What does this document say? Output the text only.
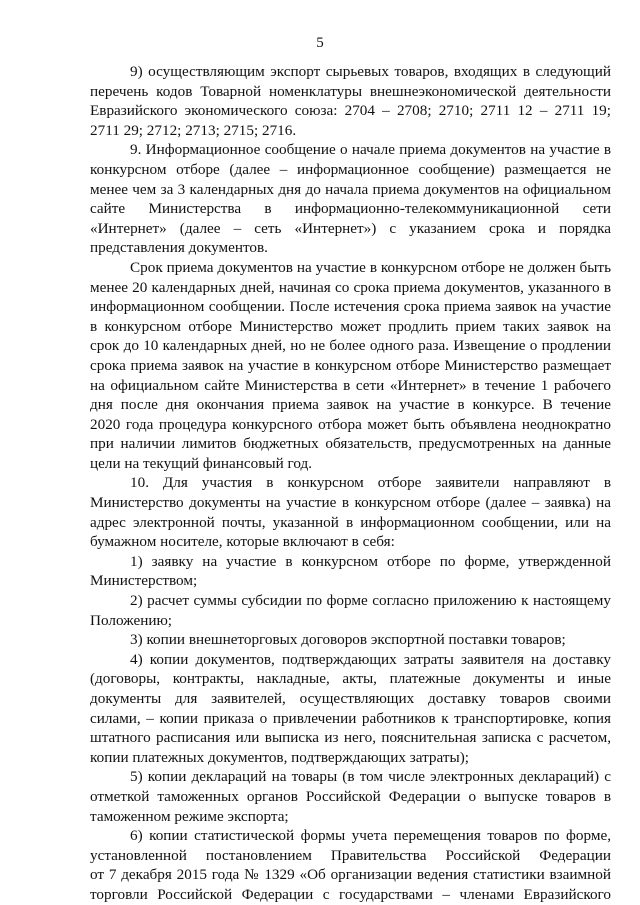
5
9) осуществляющим экспорт сырьевых товаров, входящих в следующий
перечень кодов Товарной номенклатуры внешнеэкономической деятельности
Евразийского экономического союза: 2704 – 2708; 2710; 2711 12 – 2711 19;
2711 29; 2712; 2713; 2715; 2716.
9. Информационное сообщение о начале приема документов на участие в
конкурсном отборе (далее – информационное сообщение) размещается не
менее чем за 3 календарных дня до начала приема документов на официальном
сайте Министерства в информационно-телекоммуникационной сети
«Интернет» (далее – сеть «Интернет») с указанием срока и порядка
представления документов.
Срок приема документов на участие в конкурсном отборе не должен быть
менее 20 календарных дней, начиная со срока приема документов, указанного в
информационном сообщении. После истечения срока приема заявок на участие
в конкурсном отборе Министерство может продлить прием таких заявок на
срок до 10 календарных дней, но не более одного раза. Извещение о продлении
срока приема заявок на участие в конкурсном отборе Министерство размещает
на официальном сайте Министерства в сети «Интернет» в течение 1 рабочего
дня после дня окончания приема заявок на участие в конкурсе. В течение
2020 года процедура конкурсного отбора может быть объявлена неоднократно
при наличии лимитов бюджетных обязательств, предусмотренных на данные
цели на текущий финансовый год.
10. Для участия в конкурсном отборе заявители направляют в
Министерство документы на участие в конкурсном отборе (далее – заявка) на
адрес электронной почты, указанной в информационном сообщении, или на
бумажном носителе, которые включают в себя:
1) заявку на участие в конкурсном отборе по форме, утвержденной
Министерством;
2) расчет суммы субсидии по форме согласно приложению к настоящему
Положению;
3) копии внешнеторговых договоров экспортной поставки товаров;
4) копии документов, подтверждающих затраты заявителя на доставку
(договоры, контракты, накладные, акты, платежные документы и иные
документы для заявителей, осуществляющих доставку товаров своими
силами, – копии приказа о привлечении работников к транспортировке, копия
штатного расписания или выписка из него, пояснительная записка с расчетом,
копии платежных документов, подтверждающих затраты);
5) копии деклараций на товары (в том числе электронных деклараций) с
отметкой таможенных органов Российской Федерации о выпуске товаров в
таможенном режиме экспорта;
6) копии статистической формы учета перемещения товаров по форме,
установленной постановлением Правительства Российской Федерации
от 7 декабря 2015 года № 1329 «Об организации ведения статистики взаимной
торговли Российской Федерации с государствами – членами Евразийского
